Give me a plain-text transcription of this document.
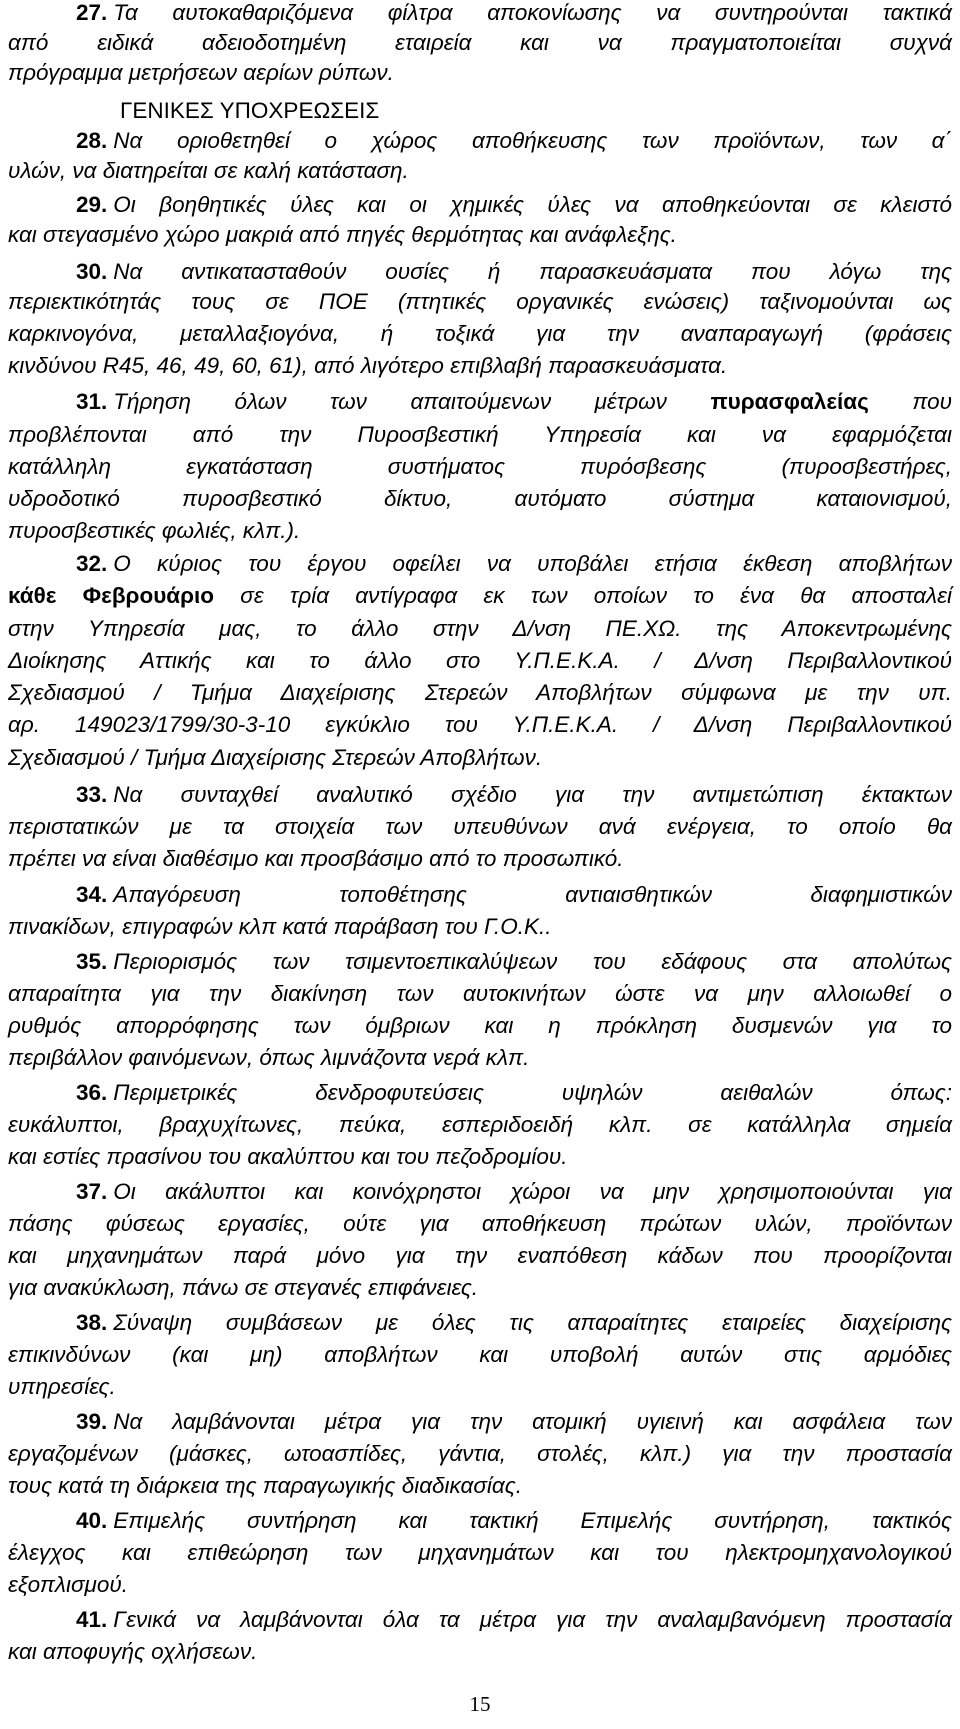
27. Τα αυτοκαθαριζόμενα φίλτρα αποκονίωσης να συντηρούνται τακτικά
από ειδικά αδειοδοτημένη εταιρεία και να πραγματοποιείται συχνά
πρόγραμμα μετρήσεων αερίων ρύπων.
ΓΕΝΙΚΕΣ ΥΠΟΧΡΕΩΣΕΙΣ
28. Να οριοθετηθεί ο χώρος αποθήκευσης των προϊόντων, των α΄
υλών, να διατηρείται σε καλή κατάσταση.
29. Οι βοηθητικές ύλες και οι χημικές ύλες να αποθηκεύονται σε κλειστό
και στεγασμένο χώρο μακριά από πηγές θερμότητας και ανάφλεξης.
30. Να αντικατασταθούν ουσίες ή παρασκευάσματα που λόγω της
περιεκτικότητάς τους σε ΠΟΕ (πτητικές οργανικές ενώσεις) ταξινομούνται ως
καρκινογόνα, μεταλλαξιογόνα, ή τοξικά για την αναπαραγωγή (φράσεις
κινδύνου R45, 46, 49, 60, 61), από λιγότερο επιβλαβή παρασκευάσματα.
31. Τήρηση όλων των απαιτούμενων μέτρων πυρασφαλείας που
προβλέπονται από την Πυροσβεστική Υπηρεσία και να εφαρμόζεται
κατάλληλη εγκατάσταση συστήματος πυρόσβεσης (πυροσβεστήρες,
υδροδοτικό πυροσβεστικό δίκτυο, αυτόματο σύστημα καταιονισμού,
πυροσβεστικές φωλιές, κλπ.).
32. Ο κύριος του έργου οφείλει να υποβάλει ετήσια έκθεση αποβλήτων
κάθε Φεβρουάριο σε τρία αντίγραφα εκ των οποίων το ένα θα αποσταλεί
στην Υπηρεσία μας, το άλλο στην Δ/νση ΠΕ.ΧΩ. της Αποκεντρωμένης
Διοίκησης Αττικής και το άλλο στο Υ.Π.Ε.Κ.Α. / Δ/νση Περιβαλλοντικού
Σχεδιασμού / Τμήμα Διαχείρισης Στερεών Αποβλήτων σύμφωνα με την υπ.
αρ. 149023/1799/30-3-10 εγκύκλιο του Υ.Π.Ε.Κ.Α. / Δ/νση Περιβαλλοντικού
Σχεδιασμού / Τμήμα Διαχείρισης Στερεών Αποβλήτων.
33. Να συνταχθεί αναλυτικό σχέδιο για την αντιμετώπιση έκτακτων
περιστατικών με τα στοιχεία των υπευθύνων ανά ενέργεια, το οποίο θα
πρέπει να είναι διαθέσιμο και προσβάσιμο από το προσωπικό.
34. Απαγόρευση τοποθέτησης αντιαισθητικών διαφημιστικών
πινακίδων, επιγραφών κλπ κατά παράβαση του Γ.Ο.Κ..
35. Περιορισμός των τσιμεντοεπικαλύψεων του εδάφους στα απολύτως
απαραίτητα για την διακίνηση των αυτοκινήτων ώστε να μην αλλοιωθεί ο
ρυθμός απορρόφησης των όμβριων και η πρόκληση δυσμενών για το
περιβάλλον φαινόμενων, όπως λιμνάζοντα νερά κλπ.
36. Περιμετρικές δενδροφυτεύσεις υψηλών αειθαλών όπως:
ευκάλυπτοι, βραχυχίτωνες, πεύκα, εσπεριδοειδή κλπ. σε κατάλληλα σημεία
και εστίες πρασίνου του ακαλύπτου και του πεζοδρομίου.
37. Οι ακάλυπτοι και κοινόχρηστοι χώροι να μην χρησιμοποιούνται για
πάσης φύσεως εργασίες, ούτε για αποθήκευση πρώτων υλών, προϊόντων
και μηχανημάτων παρά μόνο για την εναπόθεση κάδων που προορίζονται
για ανακύκλωση, πάνω σε στεγανές επιφάνειες.
38. Σύναψη συμβάσεων με όλες τις απαραίτητες εταιρείες διαχείρισης
επικινδύνων (και μη) αποβλήτων και υποβολή αυτών στις αρμόδιες
υπηρεσίες.
39. Να λαμβάνονται μέτρα για την ατομική υγιεινή και ασφάλεια των
εργαζομένων (μάσκες, ωτοασπίδες, γάντια, στολές, κλπ.) για την προστασία
τους κατά τη διάρκεια της παραγωγικής διαδικασίας.
40. Επιμελής συντήρηση και τακτική Επιμελής συντήρηση, τακτικός
έλεγχος και επιθεώρηση των μηχανημάτων και του ηλεκτρομηχανολογικού
εξοπλισμού.
41. Γενικά να λαμβάνονται όλα τα μέτρα για την αναλαμβανόμενη προστασία
και αποφυγής οχλήσεων.
15
